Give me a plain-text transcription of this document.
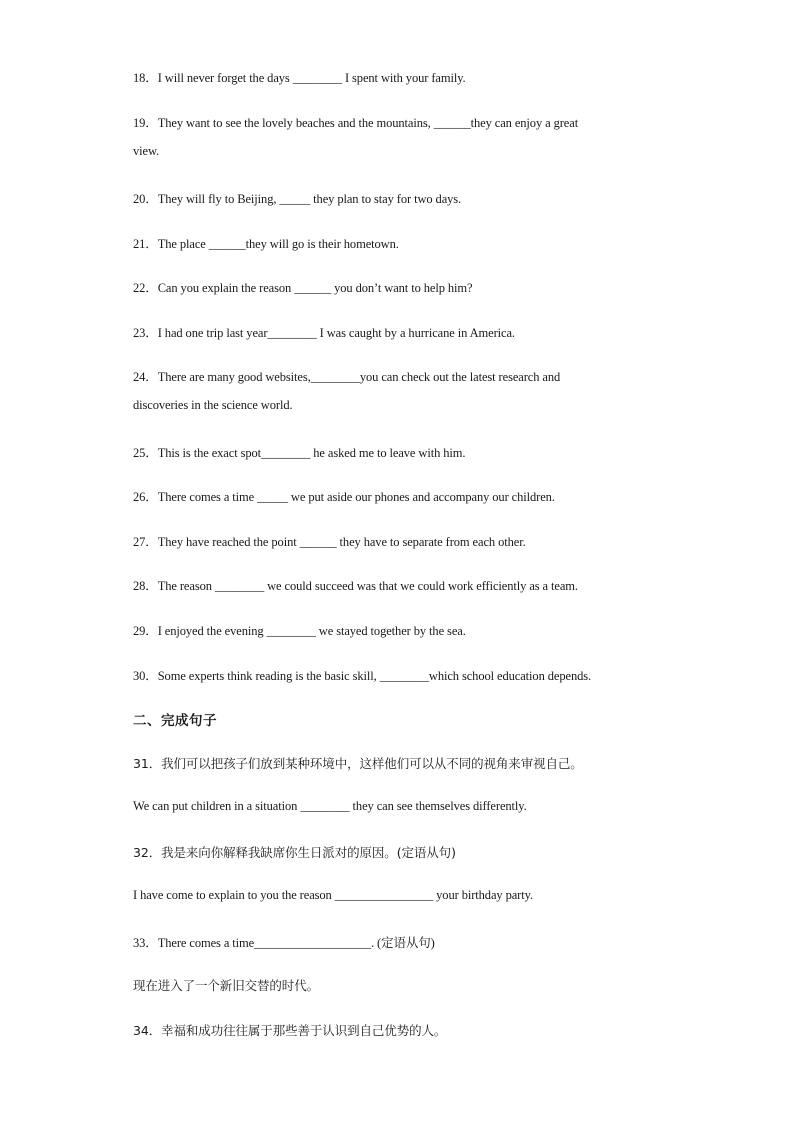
18．I will never forget the days ________ I spent with your family.
19．They want to see the lovely beaches and the mountains, ______they can enjoy a great
view.
20．They will fly to Beijing, _____ they plan to stay for two days.
21．The place ______they will go is their hometown.
22．Can you explain the reason ______ you don’t want to help him?
23．I had one trip last year________ I was caught by a hurricane in America.
24．There are many good websites,________you can check out the latest research and
discoveries in the science world.
25．This is the exact spot________ he asked me to leave with him.
26．There comes a time _____ we put aside our phones and accompany our children.
27．They have reached the point ______ they have to separate from each other.
28．The reason ________ we could succeed was that we could work efficiently as a team.
29．I enjoyed the evening ________ we stayed together by the sea.
30．Some experts think reading is the basic skill, ________which school education depends.
二、完成句子
31．我们可以把孩子们放到某种环境中，这样他们可以从不同的视角来审视自己。
We can put children in a situation ________ they can see themselves differently.
32．我是来向你解释我缺席你生日派对的原因。(定语从句)
I have come to explain to you the reason ________________ your birthday party.
33．There comes a time___________________. (定语从句)
现在进入了一个新旧交替的时代。
34．幸福和成功往往属于那些善于认识到自己优势的人。
